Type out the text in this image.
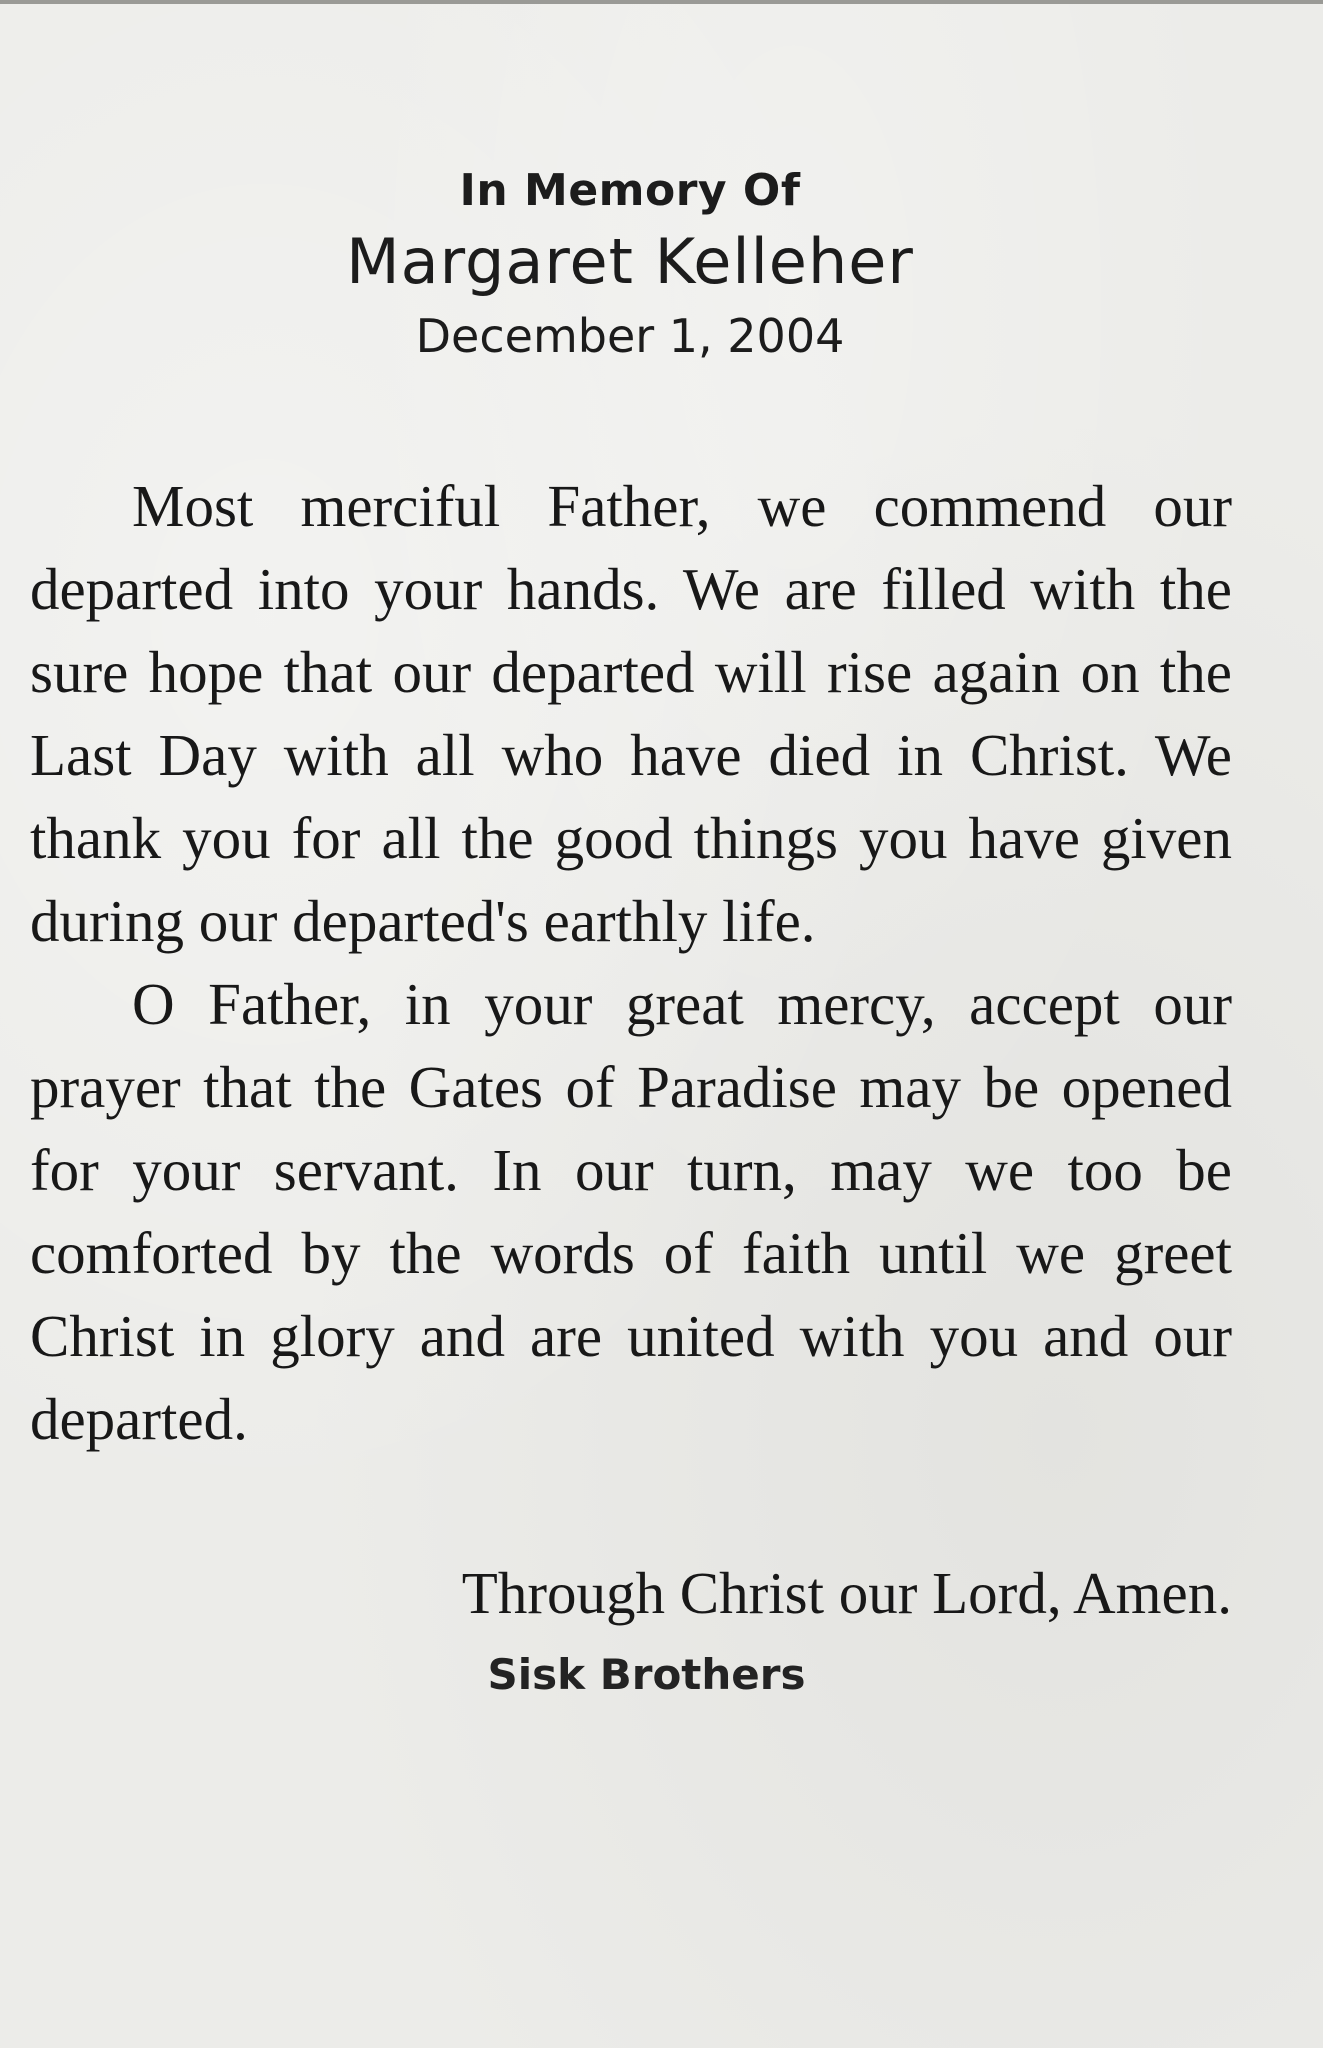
In Memory Of

Margaret Kelleher

December 1, 2004

Most merciful Father, we commend our departed into your hands. We are filled with the sure hope that our departed will rise again on the Last Day with all who have died in Christ. We thank you for all the good things you have given during our departed's earthly life.

O Father, in your great mercy, accept our prayer that the Gates of Paradise may be opened for your servant. In our turn, may we too be comforted by the words of faith until we greet Christ in glory and are united with you and our departed.

Through Christ our Lord, Amen.
Sisk Brothers
